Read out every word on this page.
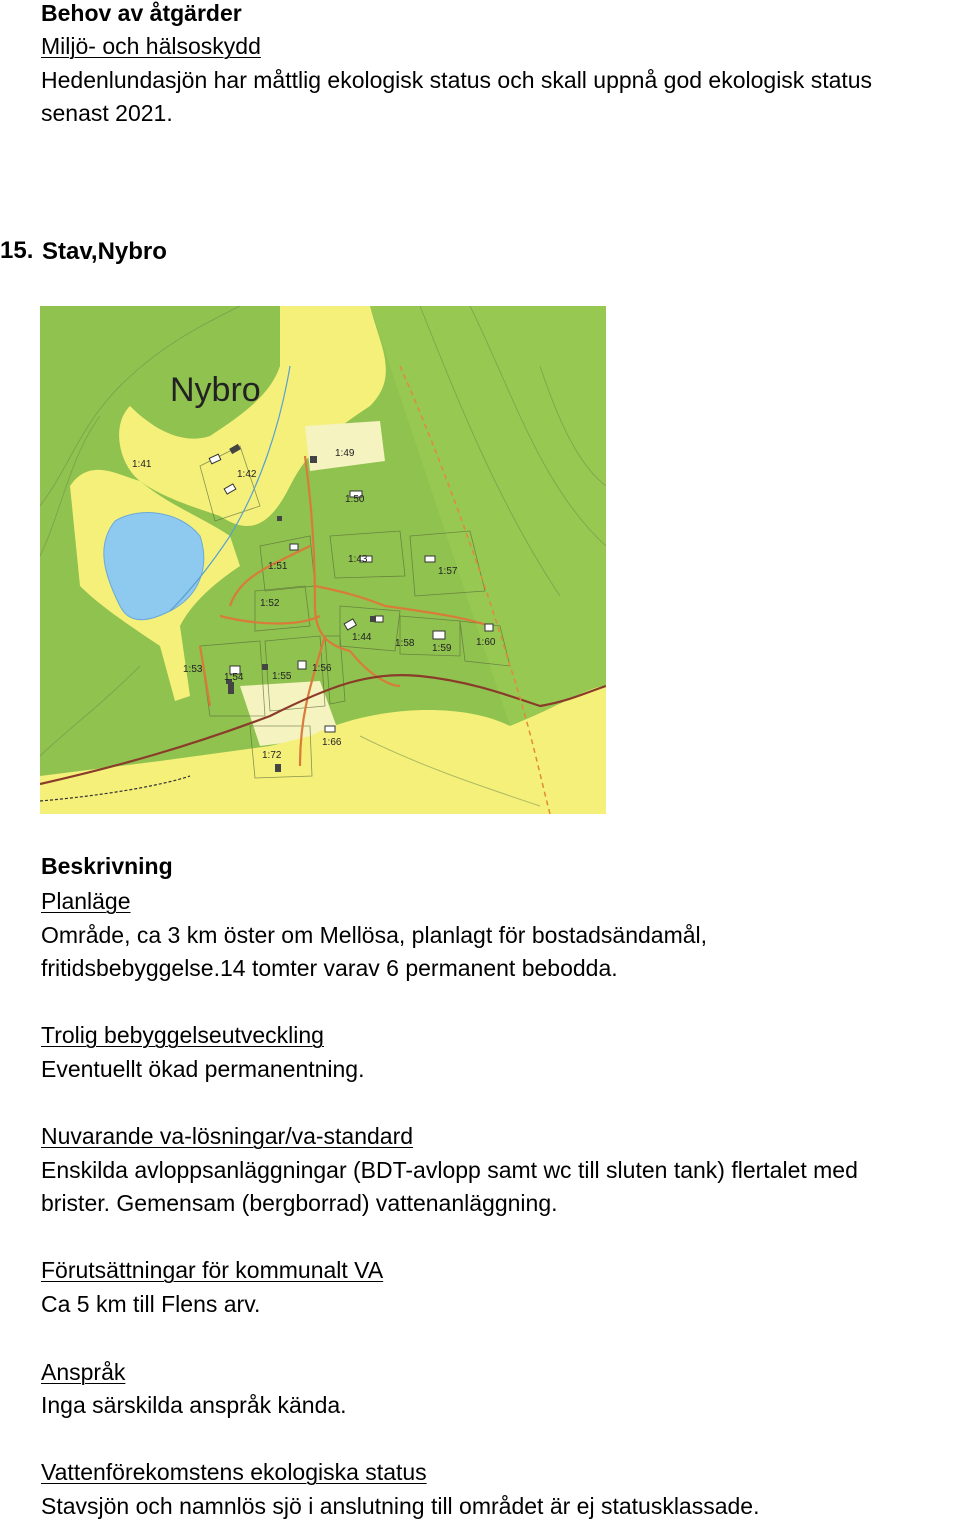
Behov av åtgärder
Miljö- och hälsoskydd
Hedenlundasjön har måttlig ekologisk status och skall uppnå god ekologisk status
senast 2021.
15. Stav,Nybro
Nybro
1:41
1:42
1:49
1:50
1:43
1:51	1:57
1:52
1:44
1:58 1:59
1:60
1:53
1:54	1:55
1:56
1:72
1:66
Beskrivning
Planläge
Område, ca 3 km öster om Mellösa, planlagt för bostadsändamål,
fritidsbebyggelse.14 tomter varav 6 permanent bebodda.
Trolig bebyggelseutveckling
Eventuellt ökad permanentning.
Nuvarande va-lösningar/va-standard
Enskilda avloppsanläggningar (BDT-avlopp samt wc till sluten tank) flertalet med
brister. Gemensam (bergborrad) vattenanläggning.
Förutsättningar för kommunalt VA
Ca 5 km till Flens arv.
Anspråk
Inga särskilda anspråk kända.
Vattenförekomstens ekologiska status
Stavsjön och namnlös sjö i anslutning till området är ej statusklassade.
